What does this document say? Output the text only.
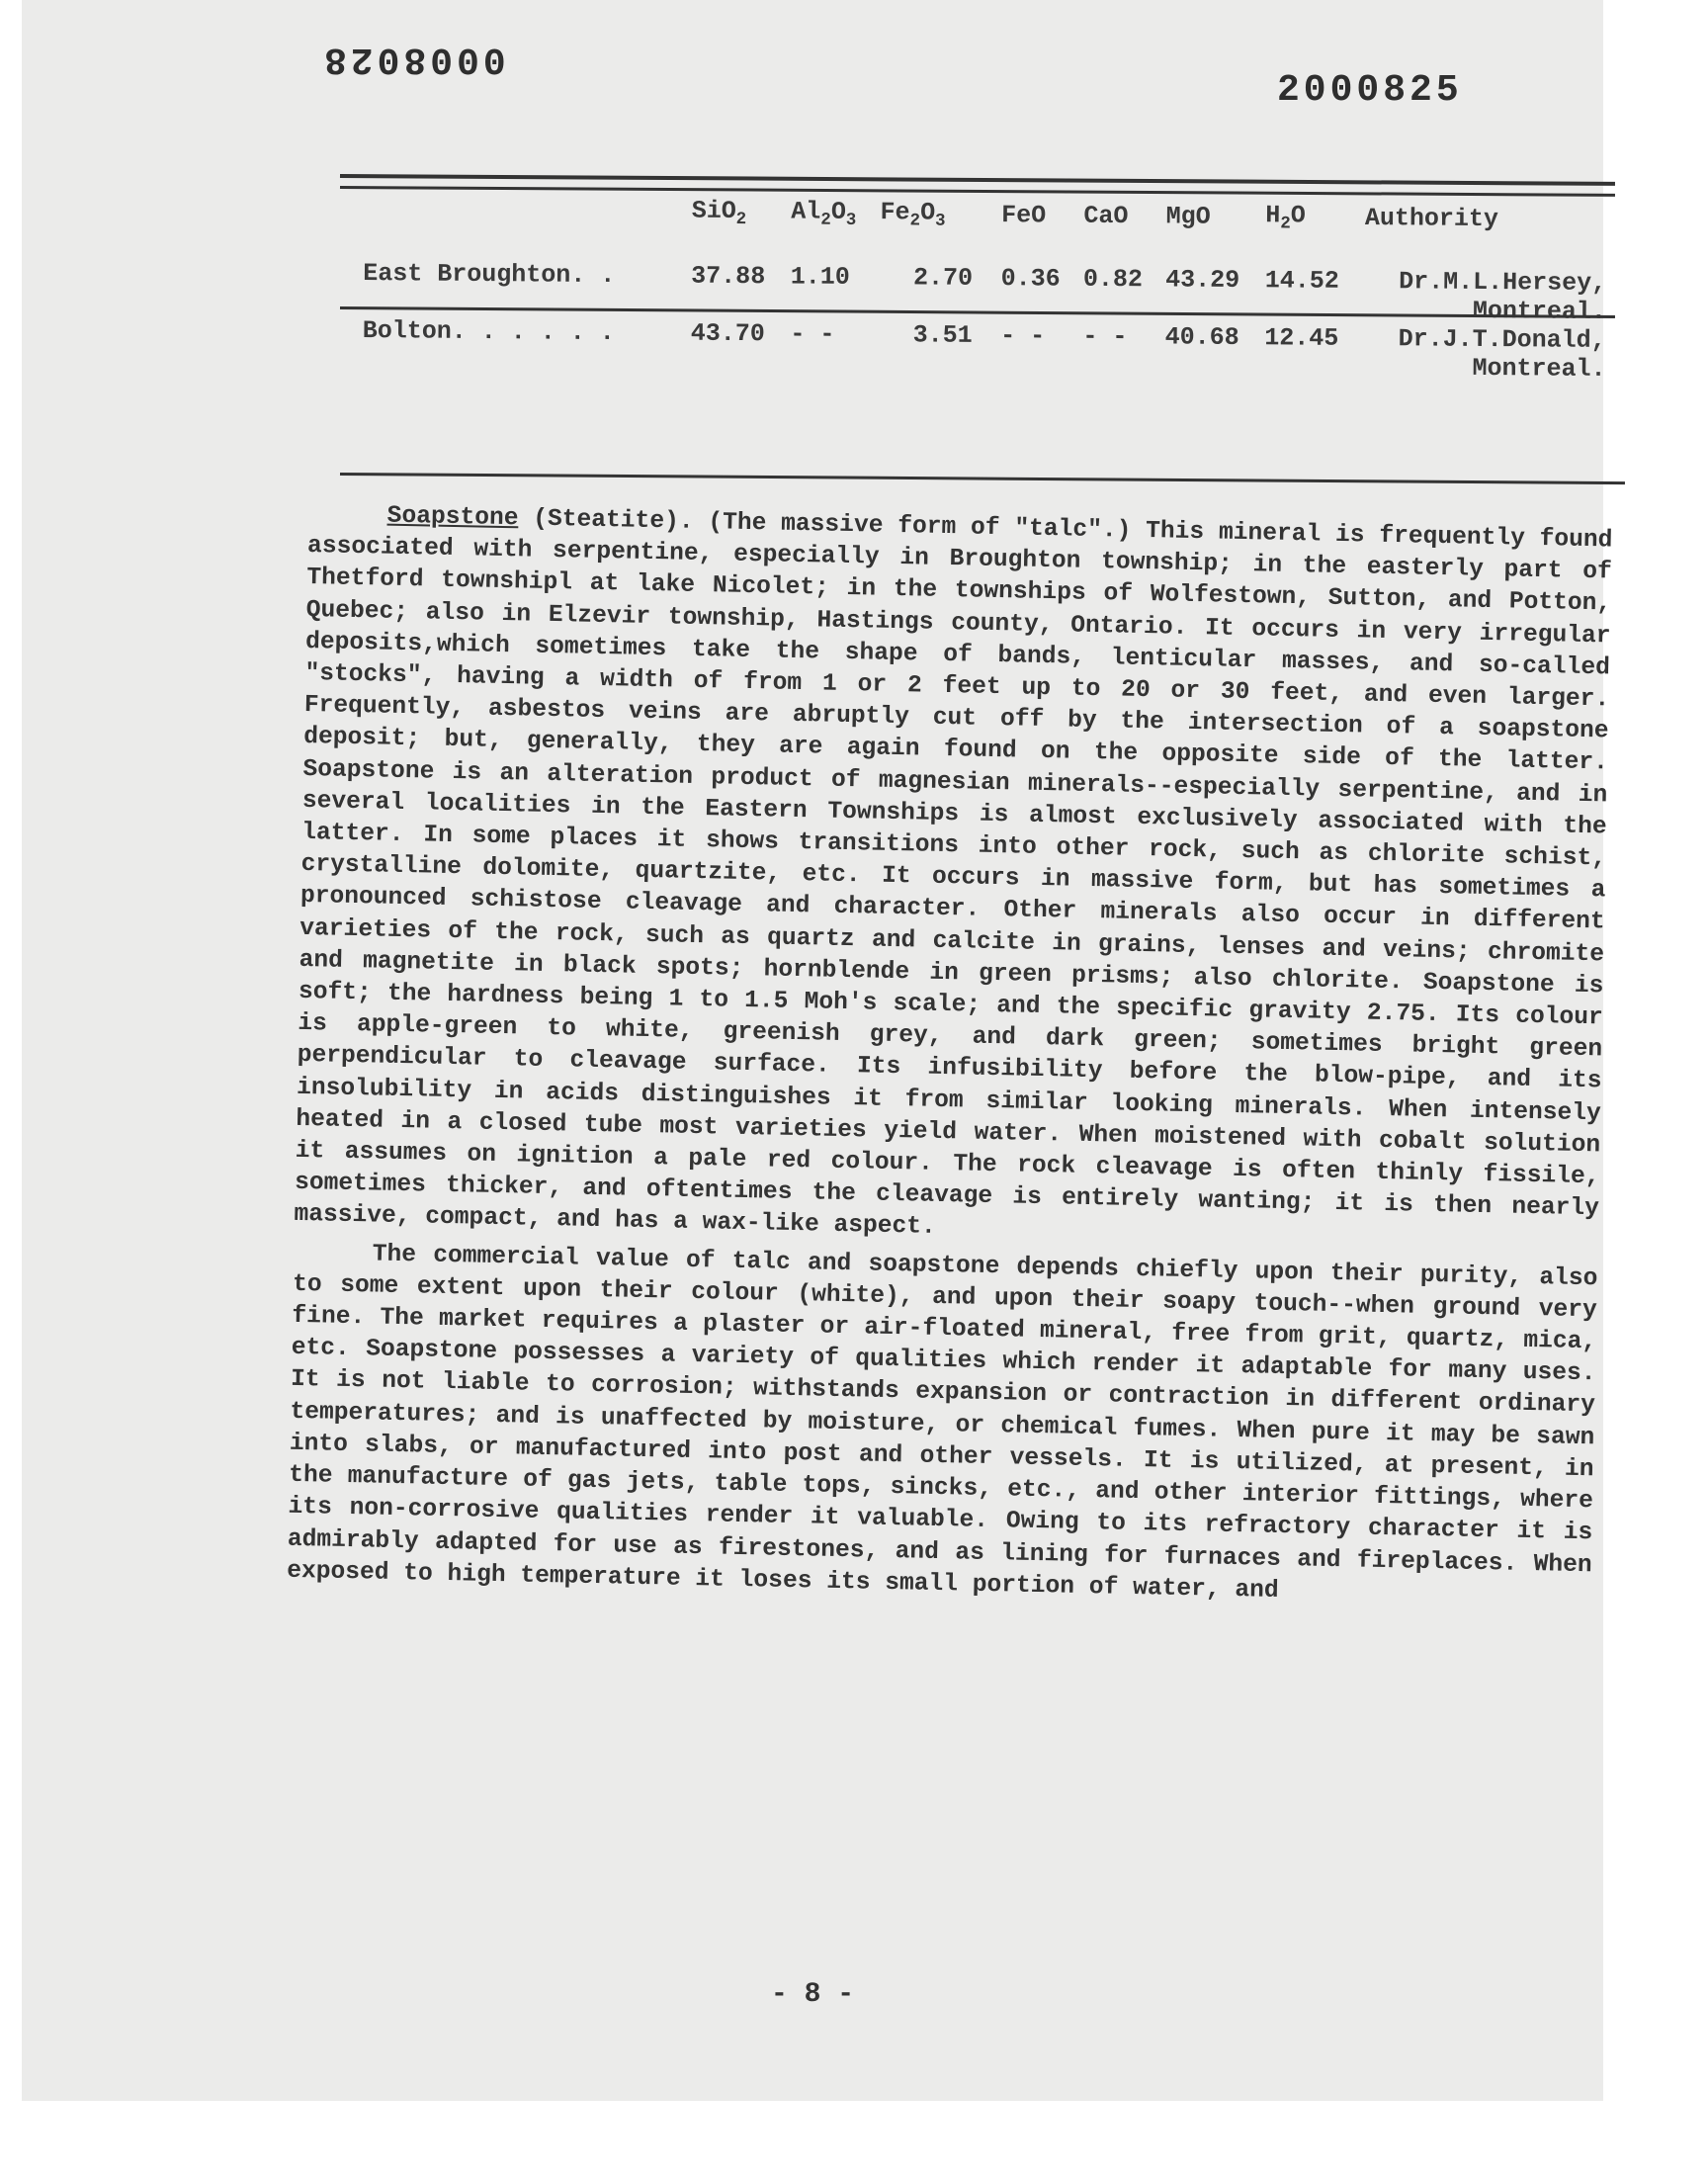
0008028
2000825
	SiO$_2$	$Al_2O_3$	$Fe_2O_3$	FeO	CaO	MgO	$H_2O$	Authority
East Broughton. .	37.88	1.10	2.70	0.36	0.82	43.29	14.52	Dr.M.L.Hersey,
Montreal.

Bolton. . . . . .	43.70	- -	3.51	- -	- -	40.68	12.45	Dr.J.T.Donald,
Montreal.

Soapstone (Steatite). (The massive form of "talc".) This mineral is frequently found associated with serpentine, especially in Broughton township; in the easterly part of Thetford townshipl at lake Nicolet; in the townships of Wolfestown, Sutton, and Potton, Quebec; also in Elzevir township, Hastings county, Ontario. It occurs in very irregular deposits,which sometimes take the shape of bands, lenticular masses, and so-called "stocks", having a width of from 1 or 2 feet up to 20 or 30 feet, and even larger. Frequently, asbestos veins are abruptly cut off by the intersection of a soapstone deposit; but, generally, they are again found on the opposite side of the latter. Soapstone is an alteration product of magnesian minerals--especially serpentine, and in several localities in the Eastern Townships is almost exclusively associated with the latter. In some places it shows transitions into other rock, such as chlorite schist, crystalline dolomite, quartzite, etc. It occurs in massive form, but has sometimes a pronounced schistose cleavage and character. Other minerals also occur in different varieties of the rock, such as quartz and calcite in grains, lenses and veins; chromite and magnetite in black spots; hornblende in green prisms; also chlorite. Soapstone is soft; the hardness being 1 to 1.5 Moh's scale; and the specific gravity 2.75. Its colour is apple-green to white, greenish grey, and dark green; sometimes bright green perpendicular to cleavage surface. Its infusibility before the blow-pipe, and its insolubility in acids distinguishes it from similar looking minerals. When intensely heated in a closed tube most varieties yield water. When moistened with cobalt solution it assumes on ignition a pale red colour. The rock cleavage is often thinly fissile, sometimes thicker, and oftentimes the cleavage is entirely wanting; it is then nearly massive, compact, and has a wax-like aspect.

The commercial value of talc and soapstone depends chiefly upon their purity, also to some extent upon their colour (white), and upon their soapy touch--when ground very fine. The market requires a plaster or air-floated mineral, free from grit, quartz, mica, etc. Soapstone possesses a variety of qualities which render it adaptable for many uses. It is not liable to corrosion; withstands expansion or contraction in different ordinary temperatures; and is unaffected by moisture, or chemical fumes. When pure it may be sawn into slabs, or manufactured into post and other vessels. It is utilized, at present, in the manufacture of gas jets, table tops, sincks, etc., and other interior fittings, where its non-corrosive qualities render it valuable. Owing to its refractory character it is admirably adapted for use as firestones, and as lining for furnaces and fireplaces. When exposed to high temperature it loses its small portion of water, and

- 8 -
